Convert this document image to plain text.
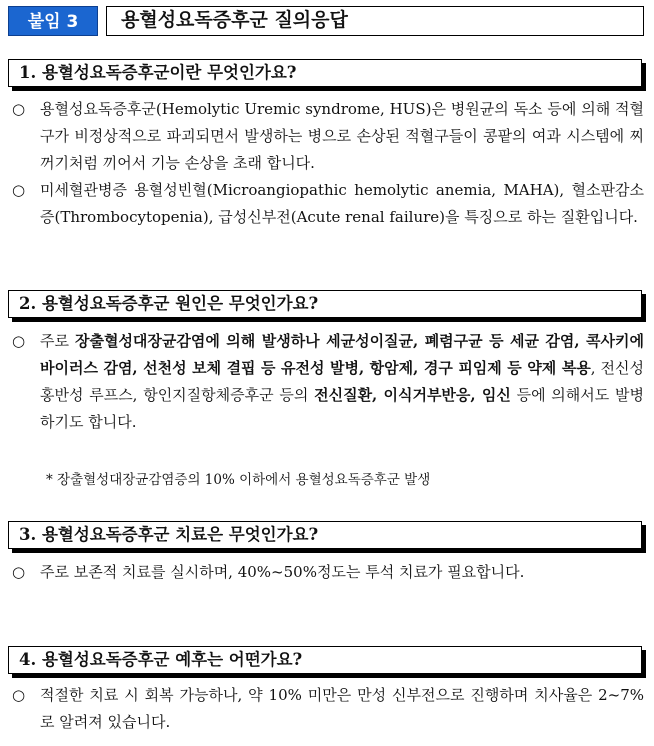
붙임 3	용혈성요독증후군 질의응답
1. 용혈성요독증후군이란 무엇인가요?
○ 용혈성요독증후군(Hemolytic Uremic syndrome, HUS)은 병원균의 독소 등에 의해 적혈구가 비정상적으로 파괴되면서 발생하는 병으로 손상된 적혈구들이 콩팥의 여과 시스템에 찌꺼기처럼 끼어서 기능 손상을 초래 합니다.
○ 미세혈관병증 용혈성빈혈(Microangiopathic hemolytic anemia, MAHA), 혈소판감소증(Thrombocytopenia), 급성신부전(Acute renal failure)을 특징으로 하는 질환입니다.
2. 용혈성요독증후군 원인은 무엇인가요?
○ 주로 장출혈성대장균감염에 의해 발생하나 세균성이질균, 폐렴구균 등 세균 감염, 콕사키에 바이러스 감염, 선천성 보체 결핍 등 유전성 발병, 항암제, 경구 피임제 등 약제 복용, 전신성 홍반성 루프스, 항인지질항체증후군 등의 전신질환, 이식거부반응, 임신 등에 의해서도 발병하기도 합니다.
* 장출혈성대장균감염증의 10% 이하에서 용혈성요독증후군 발생
3. 용혈성요독증후군 치료은 무엇인가요?
○ 주로 보존적 치료를 실시하며, 40%~50%정도는 투석 치료가 필요합니다.
4. 용혈성요독증후군 예후는 어떤가요?
○ 적절한 치료 시 회복 가능하나, 약 10% 미만은 만성 신부전으로 진행하며 치사율은 2~7%로 알려져 있습니다.
